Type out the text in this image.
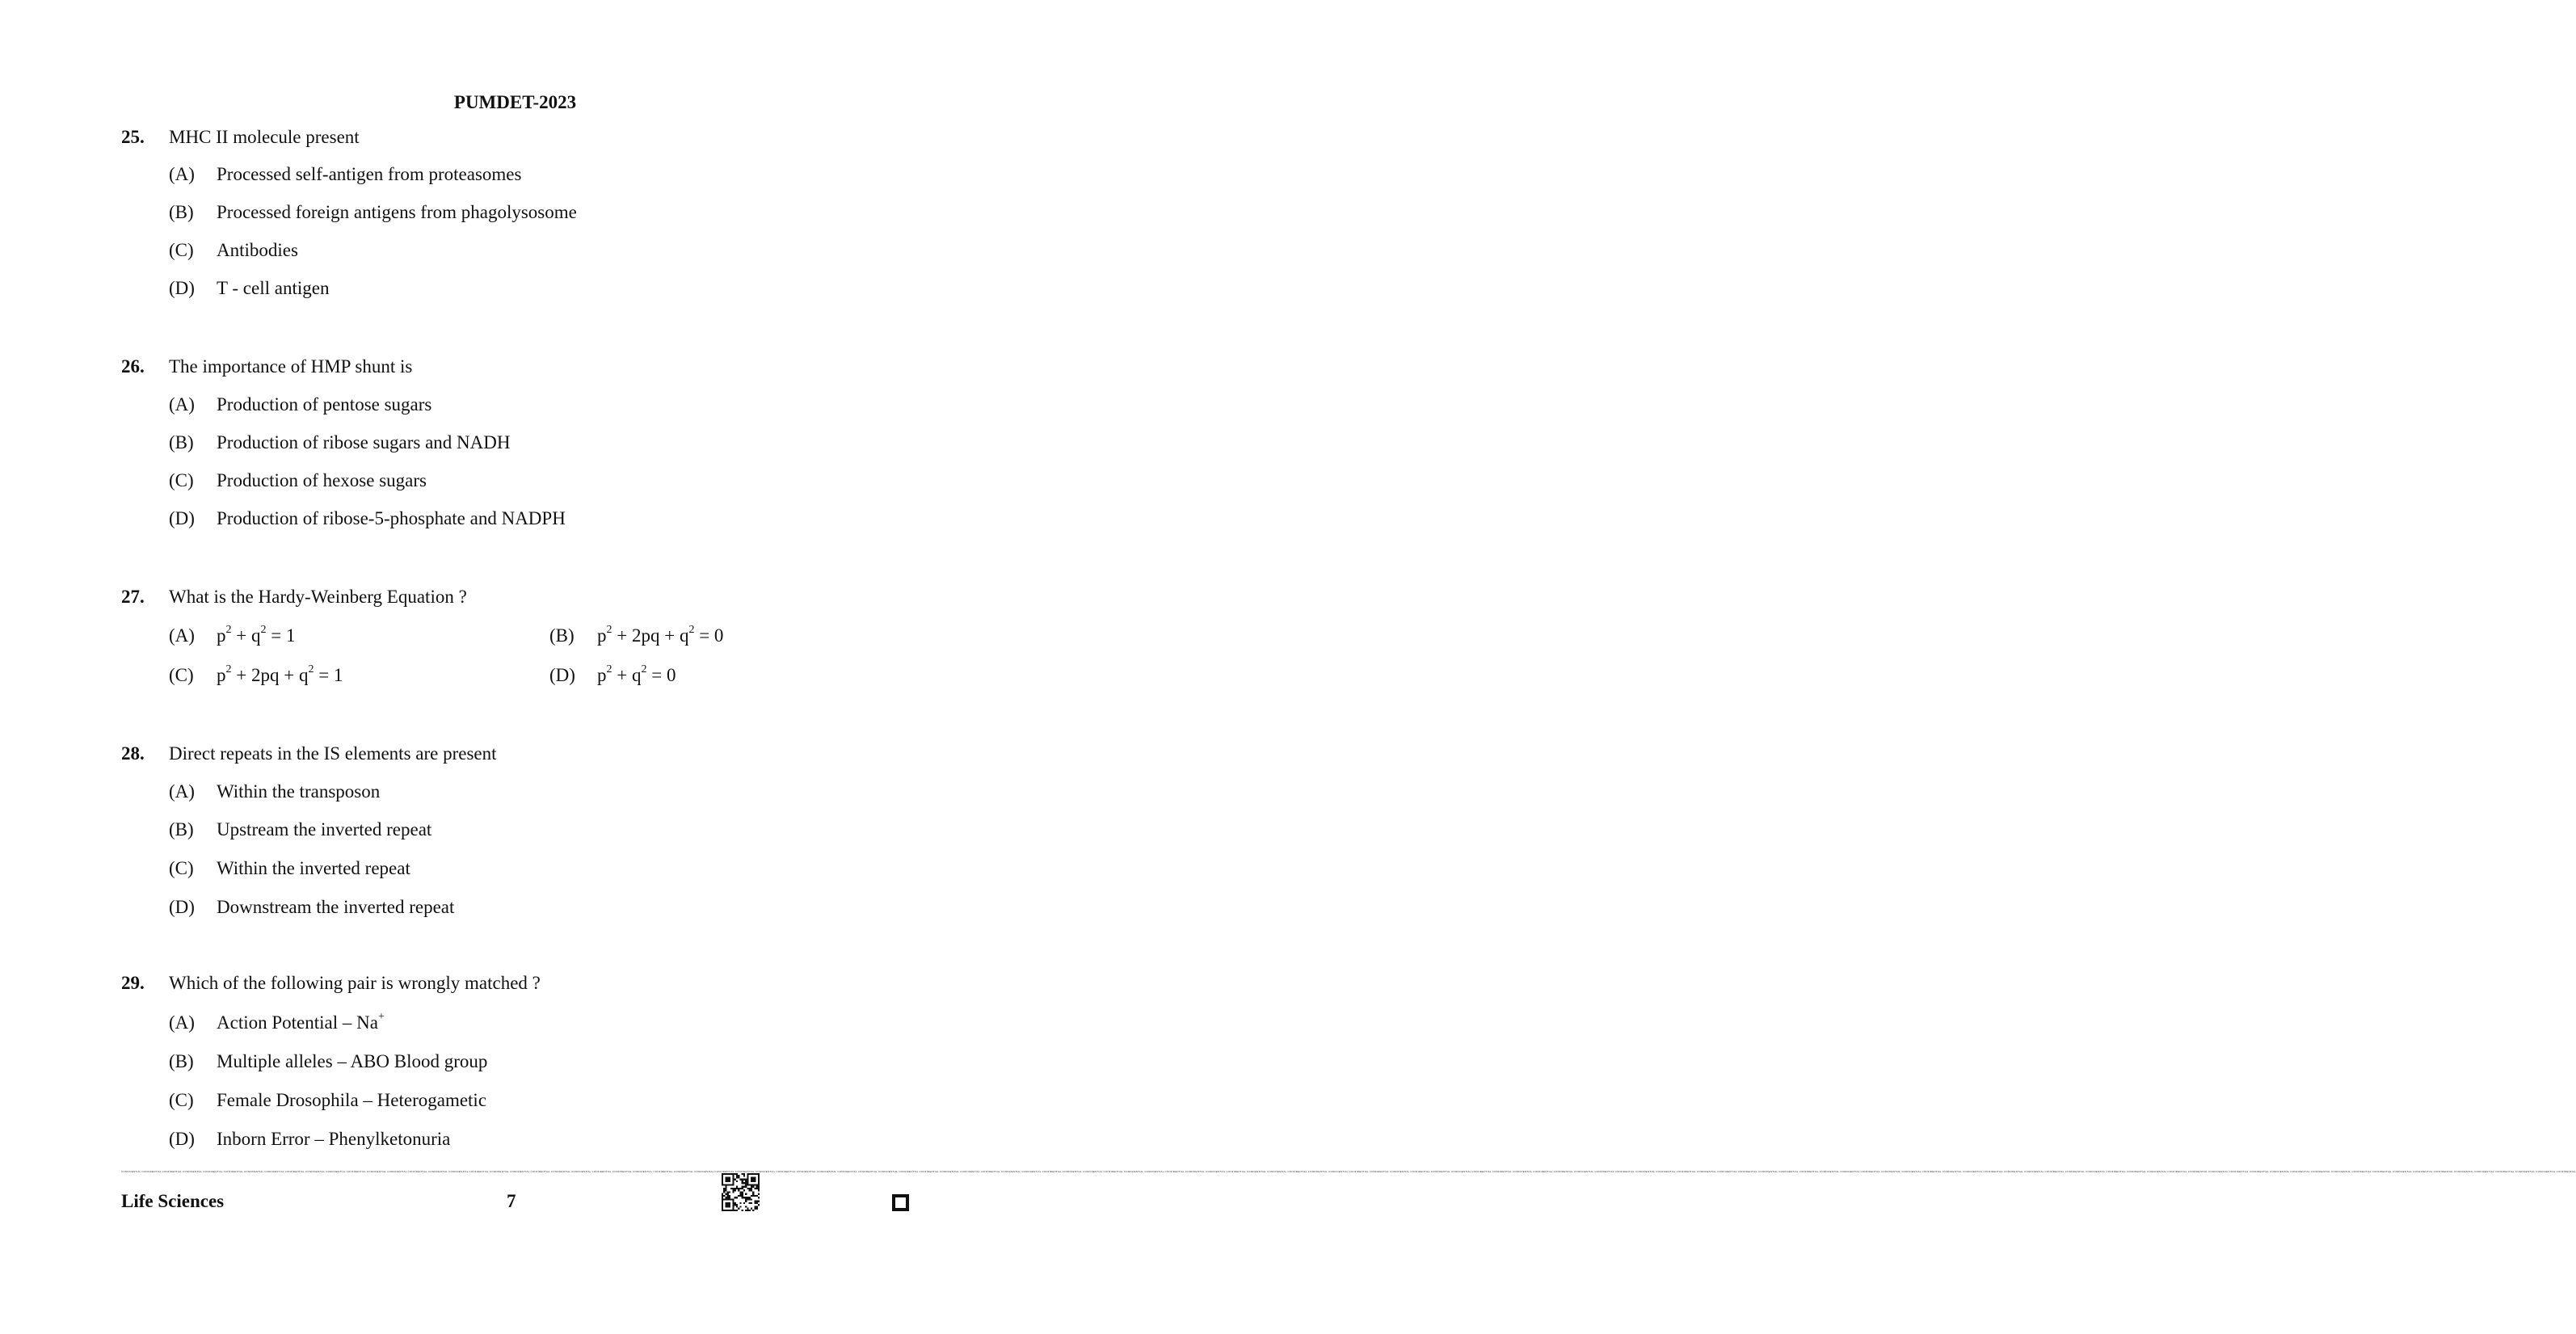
PUMDET-2023
25. MHC II molecule present
(A) Processed self-antigen from proteasomes
(B) Processed foreign antigens from phagolysosome
(C) Antibodies
(D) T - cell antigen
26. The importance of HMP shunt is
(A) Production of pentose sugars
(B) Production of ribose sugars and NADH
(C) Production of hexose sugars
(D) Production of ribose-5-phosphate and NADPH
27. What is the Hardy-Weinberg Equation ?
(A) $p^2 + q^2 = 1$	(B) $p^2 + 2pq + q^2 = 0$
(C) $p^2 + 2pq + q^2 = 1$	(D) $p^2 + q^2 = 0$
28. Direct repeats in the IS elements are present
(A) Within the transposon
(B) Upstream the inverted repeat
(C) Within the inverted repeat
(D) Downstream the inverted repeat
29. Which of the following pair is wrongly matched ?
(A) Action Potential – Na+
(B) Multiple alleles – ABO Blood group
(C) Female Drosophila – Heterogametic
(D) Inborn Error – Phenylketonuria
CONFIDENTIAL CONFIDENTIAL CONFIDENTIAL CONFIDENTIAL CONFIDENTIAL CONFIDENTIAL CONFIDENTIAL CONFIDENTIAL CONFIDENTIAL CONFIDENTIAL CONFIDENTIAL CONFIDENTIAL CONFIDENTIAL CONFIDENTIAL CONFIDENTIAL CONFIDENTIAL CONFIDENTIAL CONFIDENTIAL CONFIDENTIAL CONFIDENTIAL CONFIDENTIAL CONFIDENTIAL CONFIDENTIAL CONFIDENTIAL CONFIDENTIAL CONFIDENTIAL CONFIDENTIAL CONFIDENTIAL CONFIDENTIAL CONFIDENTIAL CONFIDENTIAL CONFIDENTIAL CONFIDENTIAL CONFIDENTIAL CONFIDENTIAL CONFIDENTIAL CONFIDENTIAL CONFIDENTIAL CONFIDENTIAL CONFIDENTIAL CONFIDENTIAL CONFIDENTIAL CONFIDENTIAL CONFIDENTIAL CONFIDENTIAL CONFIDENTIAL CONFIDENTIAL CONFIDENTIAL CONFIDENTIAL CONFIDENTIAL CONFIDENTIAL CONFIDENTIAL CONFIDENTIAL CONFIDENTIAL CONFIDENTIAL CONFIDENTIAL CONFIDENTIAL CONFIDENTIAL CONFIDENTIAL CONFIDENTIAL CONFIDENTIAL CONFIDENTIAL CONFIDENTIAL CONFIDENTIAL CONFIDENTIAL CONFIDENTIAL CONFIDENTIAL CONFIDENTIAL CONFIDENTIAL CONFIDENTIAL CONFIDENTIAL CONFIDENTIAL CONFIDENTIAL CONFIDENTIAL CONFIDENTIAL CONFIDENTIAL CONFIDENTIAL CONFIDENTIAL CONFIDENTIAL CONFIDENTIAL CONFIDENTIAL CONFIDENTIAL CONFIDENTIAL CONFIDENTIAL CONFIDENTIAL CONFIDENTIAL CONFIDENTIAL CONFIDENTIAL CONFIDENTIAL CONFIDENTIAL CONFIDENTIAL CONFIDENTIAL CONFIDENTIAL CONFIDENTIAL CONFIDENTIAL CONFIDENTIAL CONFIDENTIAL CONFIDENTIAL CONFIDENTIAL CONFIDENTIAL CONFIDENTIAL CONFIDENTIAL CONFIDENTIAL CONFIDENTIAL CONFIDENTIAL CONFIDENTIAL CONFIDENTIAL CONFIDENTIAL CONFIDENTIAL CONFIDENTIAL CONFIDENTIAL CONFIDENTIAL CONFIDENTIAL CONFIDENTIAL CONFIDENTIAL CONFIDENTIAL CONFIDENTIAL CONFIDENTIAL CONFIDENTIAL CONFIDENTIAL
Life Sciences	7
